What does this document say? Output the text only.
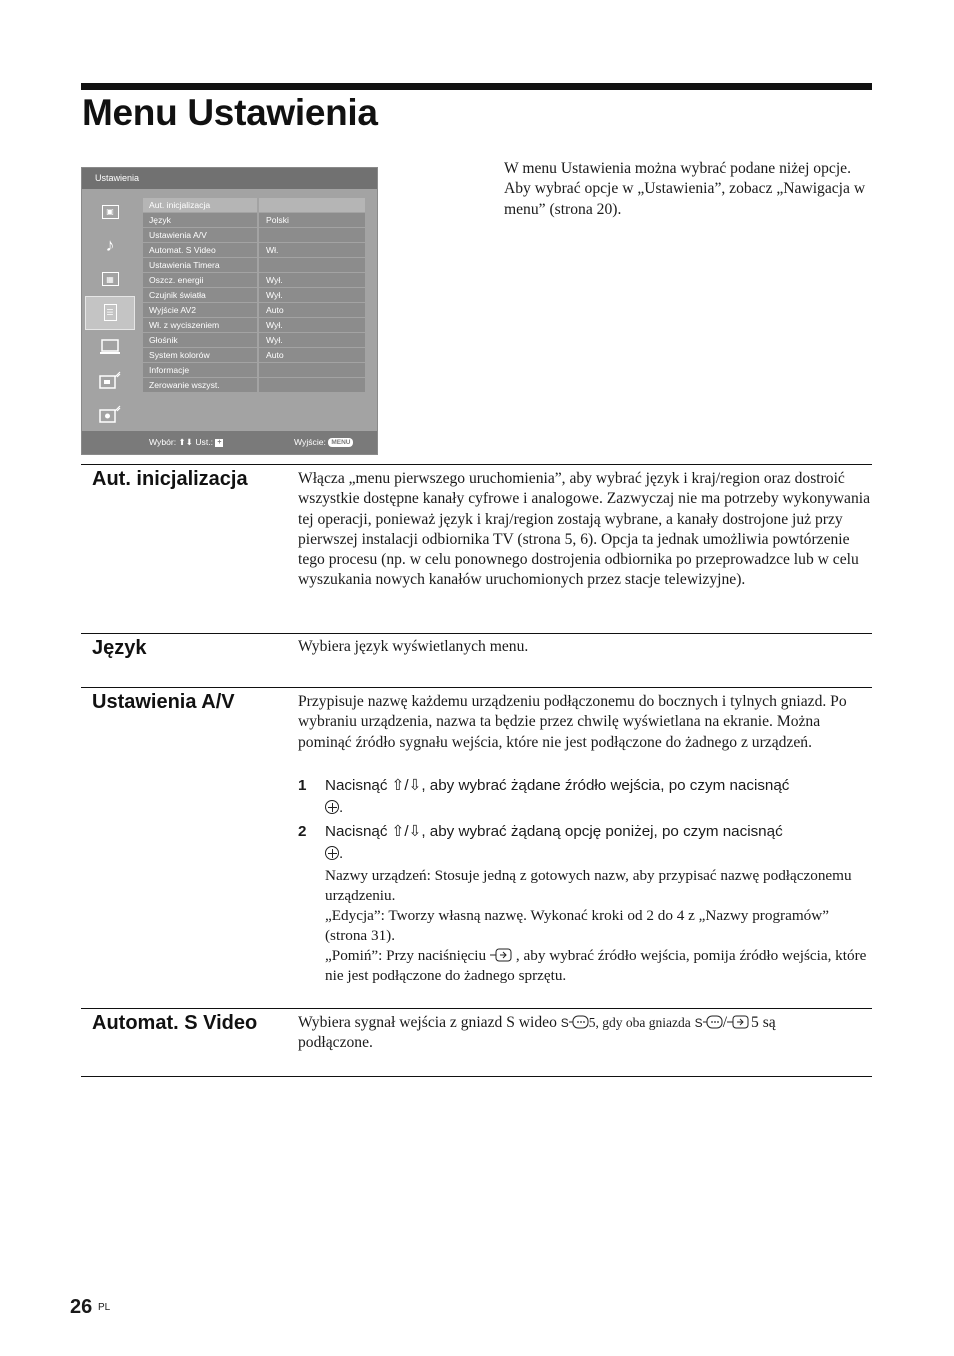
Menu Ustawienia
Ustawienia
▣
♪
▦
☰
Aut. inicjalizacja
Język	Polski
Ustawienia A/V
Automat. S Video	Wł.
Ustawienia Timera
Oszcz. energii	Wył.
Czujnik światła	Wył.
Wyjście AV2	Auto
Wł. z wyciszeniem	Wył.
Głośnik	Wył.
System kolorów	Auto
Informacje
Zerowanie wszyst.
Wybór: ⬆⬇ Ust.: +	Wyjście: MENU

W menu Ustawienia można wybrać podane niżej opcje. Aby wybrać opcje w „Ustawienia”, zobacz „Nawigacja w menu” (strona 20).

Aut. inicjalizacja	Włącza „menu pierwszego uruchomienia”, aby wybrać język i kraj/region oraz dostroić wszystkie dostępne kanały cyfrowe i analogowe. Zazwyczaj nie ma potrzeby wykonywania tej operacji, ponieważ język i kraj/region zostają wybrane, a kanały dostrojone już przy pierwszej instalacji odbiornika TV (strona 5, 6). Opcja ta jednak umożliwia powtórzenie tego procesu (np. w celu ponownego dostrojenia odbiornika po przeprowadzce lub w celu wyszukania nowych kanałów uruchomionych przez stacje telewizyjne).

Język	Wybiera język wyświetlanych menu.

Ustawienia A/V	Przypisuje nazwę każdemu urządzeniu podłączonemu do bocznych i tylnych gniazd. Po wybraniu urządzenia, nazwa ta będzie przez chwilę wyświetlana na ekranie. Można pominąć źródło sygnału wejścia, które nie jest podłączone do żadnego z urządzeń.

1 Nacisnąć ⇧/⇩, aby wybrać żądane źródło wejścia, po czym nacisnąć
.
2 Nacisnąć ⇧/⇩, aby wybrać żądaną opcję poniżej, po czym nacisnąć
.

Nazwy urządzeń: Stosuje jedną z gotowych nazw, aby przypisać nazwę podłączonemu urządzeniu.

„Edycja”: Tworzy własną nazwę. Wykonać kroki od 2 do 4 z „Nazwy programów” (strona 31).

„Pomiń”: Przy naciśnięciu , aby wybrać źródło wejścia, pomija źródło wejścia, które nie jest podłączone do żadnego sprzętu.

Automat. S Video	Wybiera sygnał wejścia z gniazd S wideo S 5, gdy oba gniazda S / 5 są
podłączone.

26 PL
